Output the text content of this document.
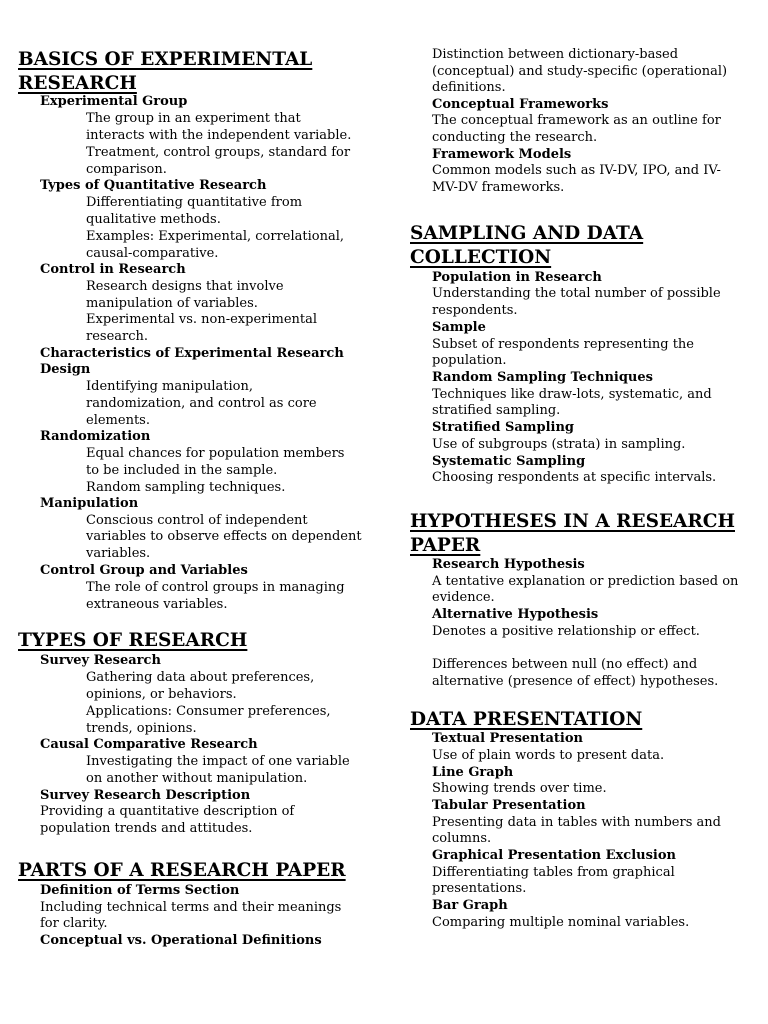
BASICS OF EXPERIMENTAL
RESEARCH
Experimental Group
The group in an experiment that
interacts with the independent variable.
Treatment, control groups, standard for
comparison.
Types of Quantitative Research
Differentiating quantitative from
qualitative methods.
Examples: Experimental, correlational,
causal-comparative.
Control in Research
Research designs that involve
manipulation of variables.
Experimental vs. non-experimental
research.
Characteristics of Experimental Research
Design
Identifying manipulation,
randomization, and control as core
elements.
Randomization
Equal chances for population members
to be included in the sample.
Random sampling techniques.
Manipulation
Conscious control of independent
variables to observe effects on dependent
variables.
Control Group and Variables
The role of control groups in managing
extraneous variables.
TYPES OF RESEARCH
Survey Research
Gathering data about preferences,
opinions, or behaviors.
Applications: Consumer preferences,
trends, opinions.
Causal Comparative Research
Investigating the impact of one variable
on another without manipulation.
Survey Research Description
Providing a quantitative description of
population trends and attitudes.
PARTS OF A RESEARCH PAPER
Definition of Terms Section
Including technical terms and their meanings
for clarity.
Conceptual vs. Operational Definitions
Distinction between dictionary-based
(conceptual) and study-specific (operational)
definitions.
Conceptual Frameworks
The conceptual framework as an outline for
conducting the research.
Framework Models
Common models such as IV-DV, IPO, and IV-
MV-DV frameworks.
SAMPLING AND DATA
COLLECTION
Population in Research
Understanding the total number of possible
respondents.
Sample
Subset of respondents representing the
population.
Random Sampling Techniques
Techniques like draw-lots, systematic, and
stratified sampling.
Stratified Sampling
Use of subgroups (strata) in sampling.
Systematic Sampling
Choosing respondents at specific intervals.
HYPOTHESES IN A RESEARCH
PAPER
Research Hypothesis
A tentative explanation or prediction based on
evidence.
Alternative Hypothesis
Denotes a positive relationship or effect.
Differences between null (no effect) and
alternative (presence of effect) hypotheses.
DATA PRESENTATION
Textual Presentation
Use of plain words to present data.
Line Graph
Showing trends over time.
Tabular Presentation
Presenting data in tables with numbers and
columns.
Graphical Presentation Exclusion
Differentiating tables from graphical
presentations.
Bar Graph
Comparing multiple nominal variables.
